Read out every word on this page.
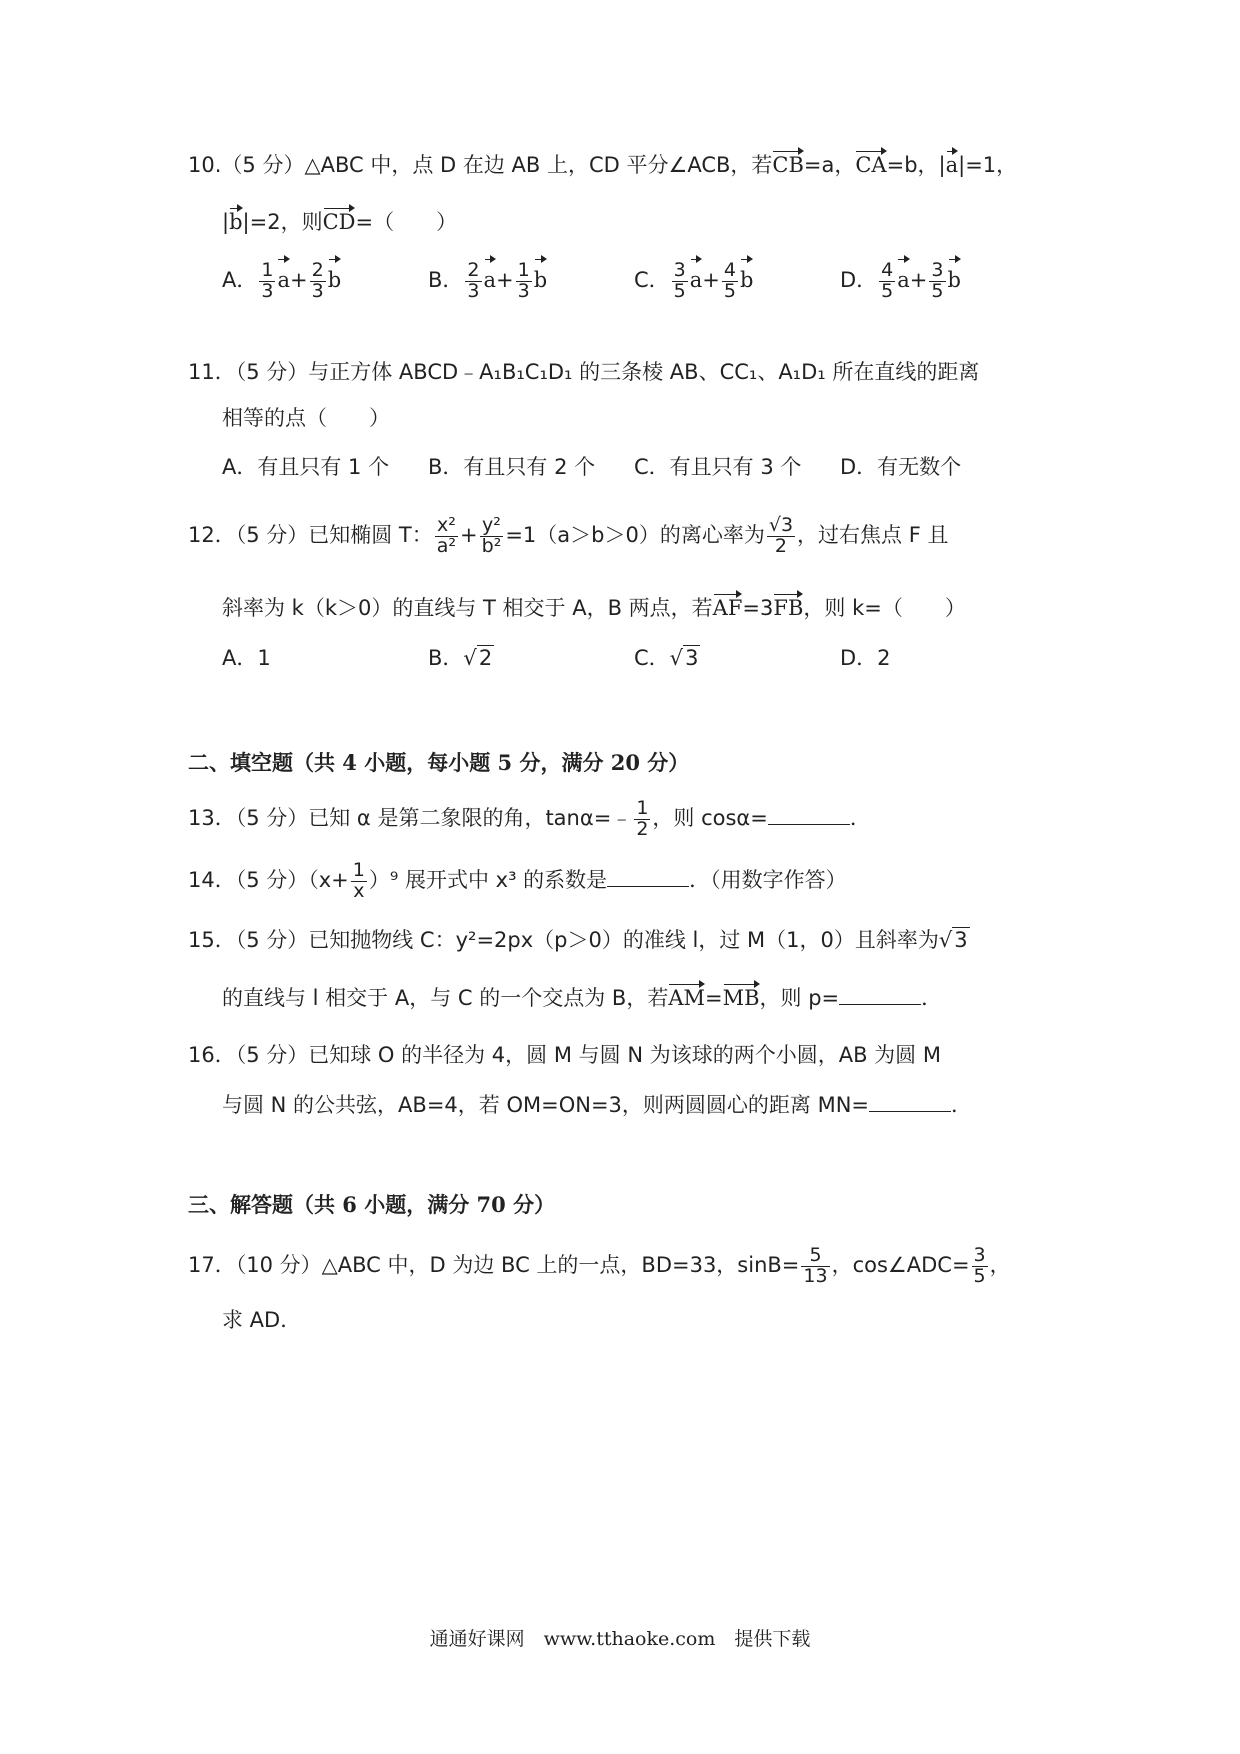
10.（5 分）△ABC 中，点 D 在边 AB 上，CD 平分∠ACB，若CB=a，CA=b，|a|=1，
|b|=2，则CD=（　　）
A． $\frac{1}{3} a+ \frac{2}{3}$ b	B． $\frac{2}{3} a+ \frac{1}{3}$ b	C． $\frac{3}{5} a+ \frac{4}{5}$ b	D． $\frac{4}{5} a+ \frac{3}{5}$ b
11．（5 分）与正方体 ABCD﹣A₁B₁C₁D₁ 的三条棱 AB、CC₁、A₁D₁ 所在直线的距离
相等的点（　　）
A．有且只有 1 个 B．有且只有 2 个 C．有且只有 3 个 D．有无数个
12．（5 分）已知椭圆 T： $\frac{\text{x²}}{\text{a²}} + \frac{\text{y²}}{\text{b²}} =1(a>b>0)$的离心率为 $\frac{√3}{2}$ ，过右焦点 F 且
斜率为 k（k＞0）的直线与 T 相交于 A，B 两点，若AF=3FB，则 k=（　　）
A．1	B．√2	C．√3	D．2
二、填空题（共 4 小题，每小题 5 分，满分 20 分）
13．（5 分）已知 α 是第二象限的角，tanα=﹣ $\frac{1}{2}$ ，则 cosα=	．
14．（5 分）$(x+ \frac{1}{x} )^9$ 展开式中 x³ 的系数是	．（用数字作答）
15．（5 分）已知抛物线 C：y²=2px（p＞0）的准线 l，过 M（1，0）且斜率为√3
的直线与 l 相交于 A，与 C 的一个交点为 B，若AM=MB，则 p=	．
16．（5 分）已知球 O 的半径为 4，圆 M 与圆 N 为该球的两个小圆，AB 为圆 M
与圆 N 的公共弦，AB=4，若 OM=ON=3，则两圆圆心的距离 MN=	．
三、解答题（共 6 小题，满分 70 分）
17．（10 分）△ABC 中，D 为边 BC 上的一点，BD=33，$\sin B= \frac{5}{13}$ ，cos∠ADC= $\frac{3}{5}$ ，
求 AD．
通通好课网　www.tthaoke.com　提供下载
